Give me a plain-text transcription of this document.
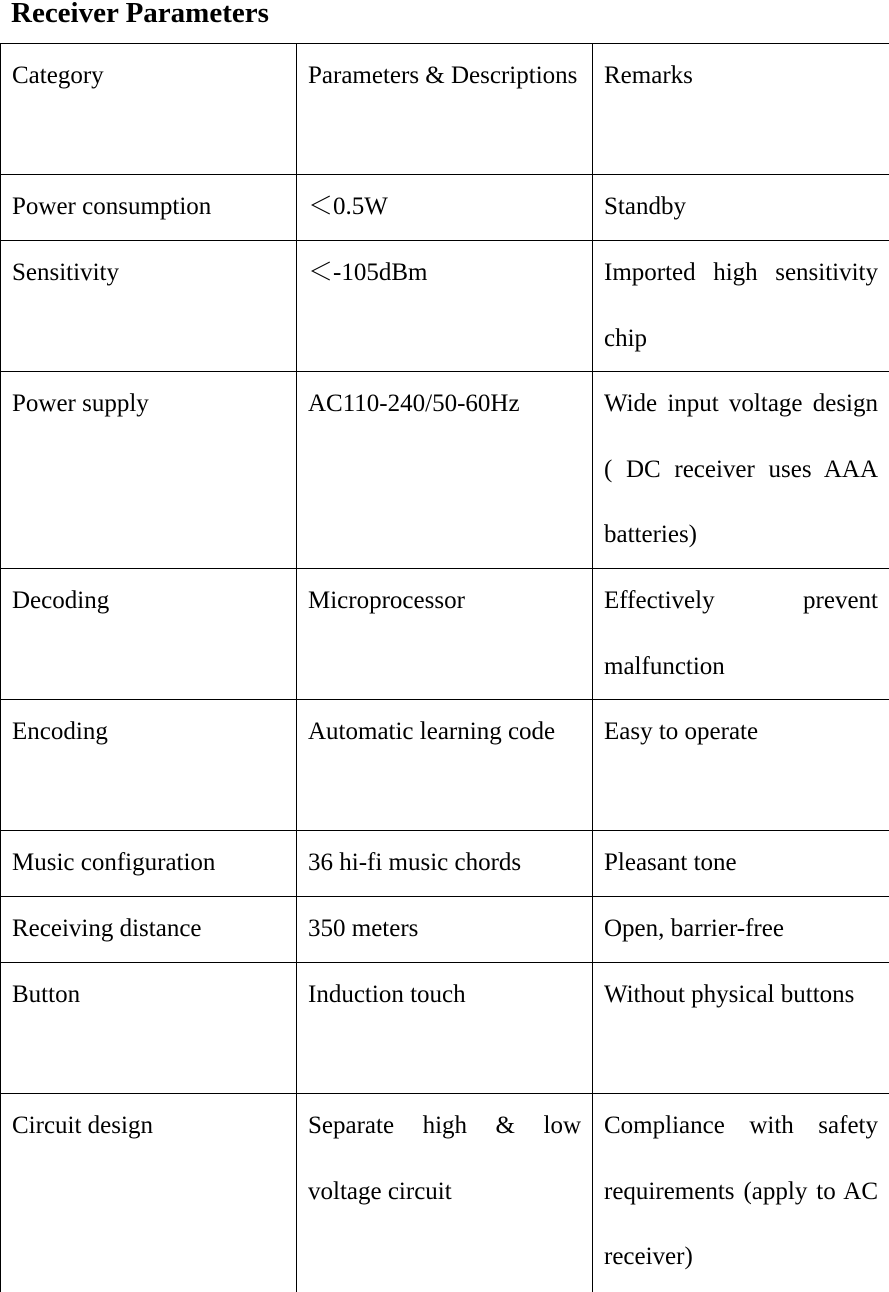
Receiver Parameters
Category	Parameters & Descriptions	Remarks

Power consumption	＜0.5W	Standby

Sensitivity	＜-105dBm	Imported high sensitivity chip

Power supply	AC110-240/50-60Hz	Wide input voltage design ( DC receiver uses AAA batteries)

Decoding	Microprocessor	Effectively prevent malfunction

Encoding	Automatic learning code	Easy to operate

Music configuration	36 hi-fi music chords	Pleasant tone

Receiving distance	350 meters	Open, barrier-free

Button	Induction touch	Without physical buttons

Circuit design	Separate high & low voltage circuit	Compliance with safety requirements (apply to AC receiver)
